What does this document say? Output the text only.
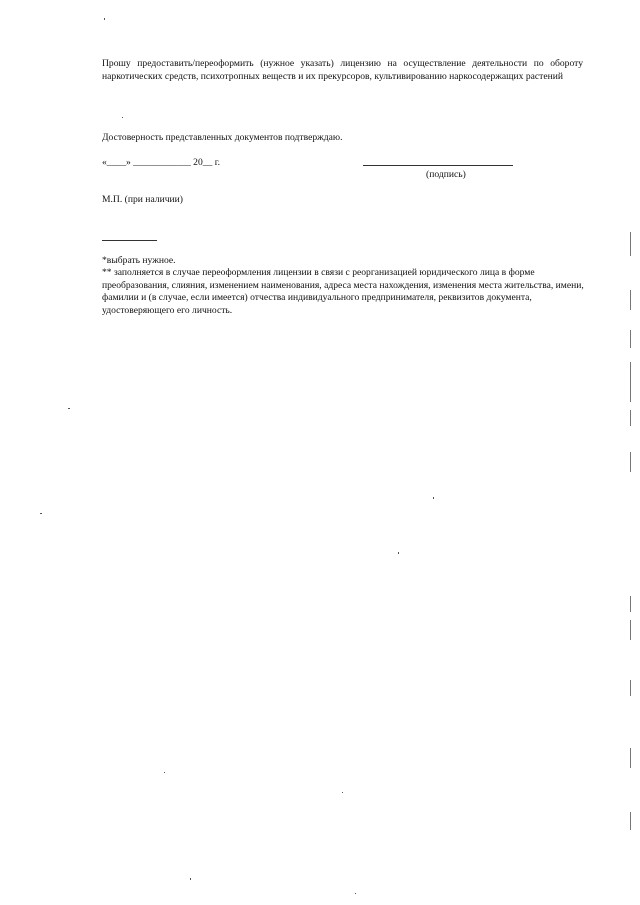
Прошу предоставить/переоформить (нужное указать) лицензию на осуществление деятельности по обороту наркотических средств, психотропных веществ и их прекурсоров, культивированию наркосодержащих растений
Достоверность представленных документов подтверждаю.
«____» ____________ 20__ г.
(подпись)
М.П. (при наличии)
*выбрать нужное.
** заполняется в случае переоформления лицензии в связи с реорганизацией юридического лица в форме преобразования, слияния, изменением наименования, адреса места нахождения, изменения места жительства, имени, фамилии и (в случае, если имеется) отчества индивидуального предпринимателя, реквизитов документа, удостоверяющего его личность.
